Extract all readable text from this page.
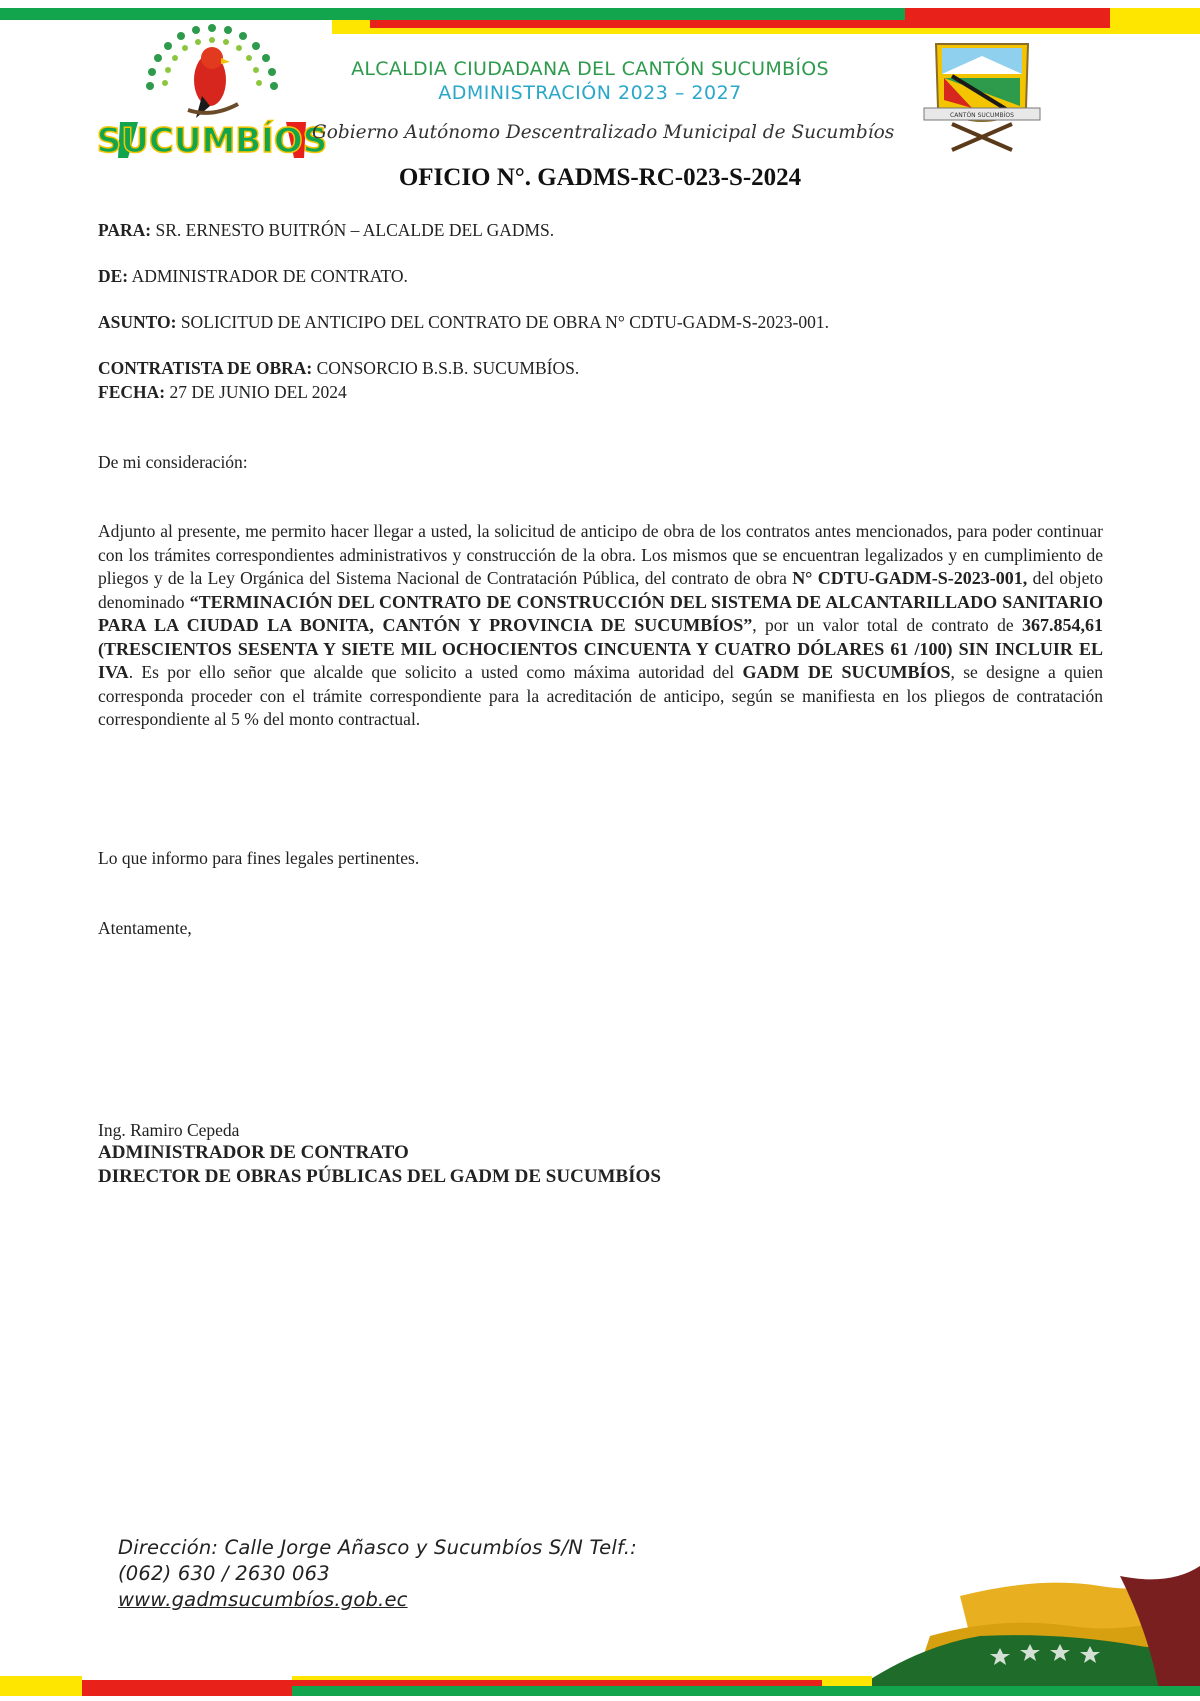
SUCUMBÍOS
ALCALDIA CIUDADANA DEL CANTÓN SUCUMBÍOS
ADMINISTRACIÓN 2023 – 2027
Gobierno Autónomo Descentralizado Municipal de Sucumbíos
CANTÓN SUCUMBÍOS
OFICIO N°. GADMS-RC-023-S-2024
PARA: SR. ERNESTO BUITRÓN – ALCALDE DEL GADMS.
DE: ADMINISTRADOR DE CONTRATO.
ASUNTO: SOLICITUD DE ANTICIPO DEL CONTRATO DE OBRA N° CDTU-GADM-S-2023-001.
CONTRATISTA DE OBRA: CONSORCIO B.S.B. SUCUMBÍOS.
FECHA: 27 DE JUNIO DEL 2024
De mi consideración:
Adjunto al presente, me permito hacer llegar a usted, la solicitud de anticipo de obra de los contratos antes mencionados, para poder continuar con los trámites correspondientes administrativos y construcción de la obra. Los mismos que se encuentran legalizados y en cumplimiento de pliegos y de la Ley Orgánica del Sistema Nacional de Contratación Pública, del contrato de obra N° CDTU-GADM-S-2023-001, del objeto denominado “TERMINACIÓN DEL CONTRATO DE CONSTRUCCIÓN DEL SISTEMA DE ALCANTARILLADO SANITARIO PARA LA CIUDAD LA BONITA, CANTÓN Y PROVINCIA DE SUCUMBÍOS”, por un valor total de contrato de 367.854,61 (TRESCIENTOS SESENTA Y SIETE MIL OCHOCIENTOS CINCUENTA Y CUATRO DÓLARES 61 /100) SIN INCLUIR EL IVA. Es por ello señor que alcalde que solicito a usted como máxima autoridad del GADM DE SUCUMBÍOS, se designe a quien corresponda proceder con el trámite correspondiente para la acreditación de anticipo, según se manifiesta en los pliegos de contratación correspondiente al 5 % del monto contractual.
Lo que informo para fines legales pertinentes.
Atentamente,
Ing. Ramiro Cepeda
ADMINISTRADOR DE CONTRATO
DIRECTOR DE OBRAS PÚBLICAS DEL GADM DE SUCUMBÍOS
Dirección: Calle Jorge Añasco y Sucumbíos S/N Telf.:
(062) 630 / 2630 063
www.gadmsucumbíos.gob.ec
